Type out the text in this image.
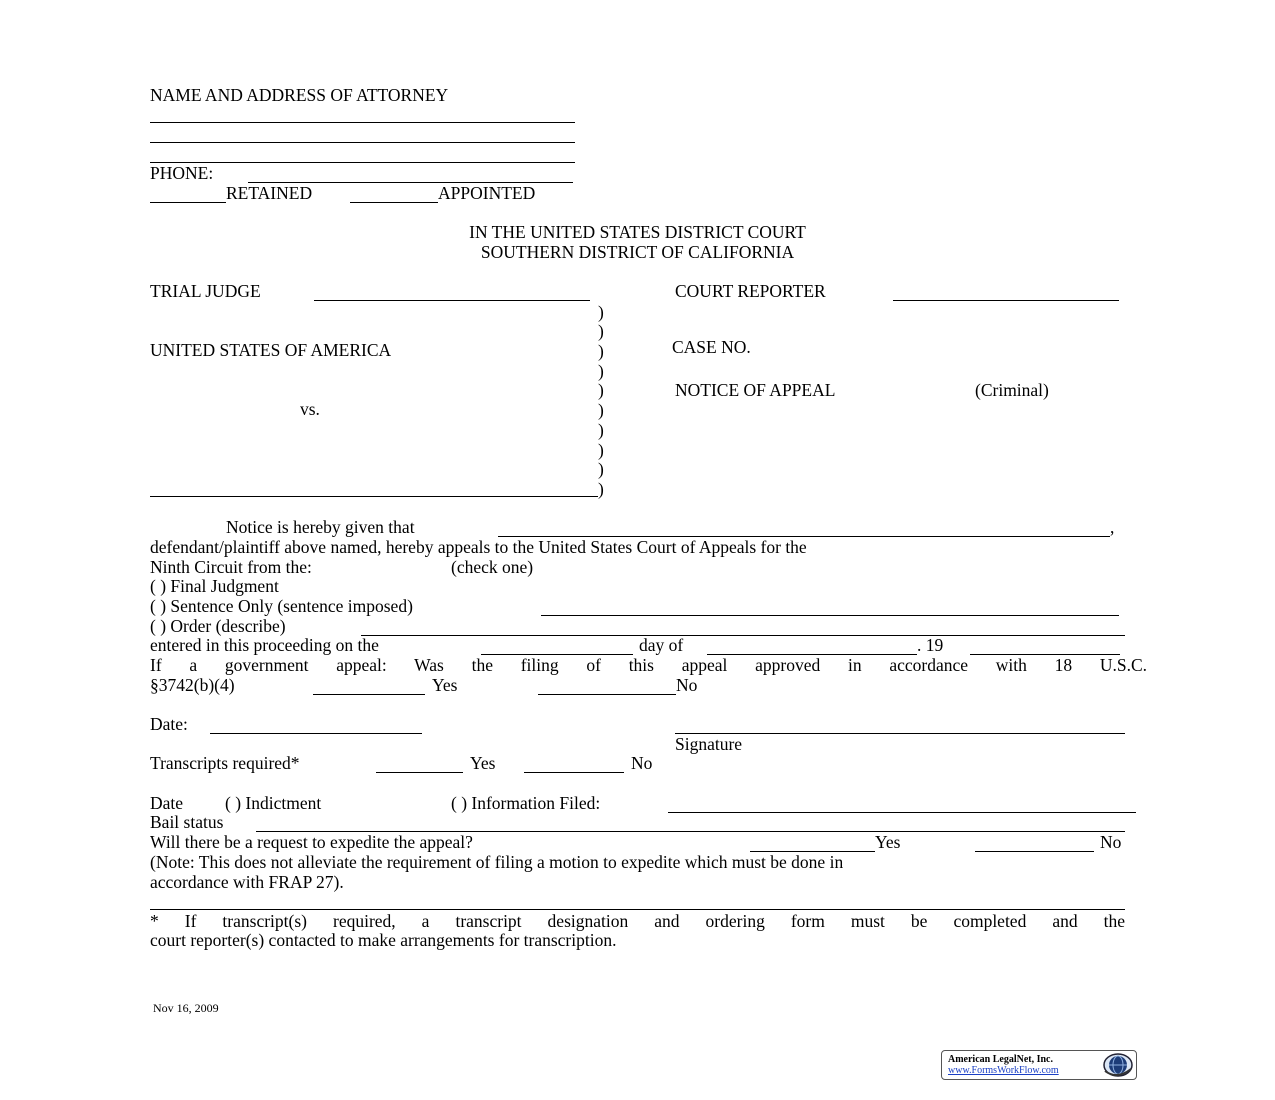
NAME AND ADDRESS OF ATTORNEY
PHONE:
RETAINED	APPOINTED
IN THE UNITED STATES DISTRICT COURT
SOUTHERN DISTRICT OF CALIFORNIA
TRIAL JUDGE	COURT REPORTER
)
)
)
)
)
)
)
)
)
)
UNITED STATES OF AMERICA	CASE NO.
NOTICE OF APPEAL	(Criminal)
vs.
Notice is hereby given that	,
defendant/plaintiff above named, hereby appeals to the United States Court of Appeals for the
Ninth Circuit from the:	(check one)
( ) Final Judgment
( ) Sentence Only (sentence imposed)
( ) Order (describe)
entered in this proceeding on the	day of	. 19
If a government appeal: Was the filing of this appeal approved in accordance with 18 U.S.C.
§3742(b)(4)	Yes	No
Date:
Signature
Transcripts required*	Yes	No
Date ( ) Indictment	( ) Information Filed:
Bail status
Will there be a request to expedite the appeal?	Yes	No
(Note: This does not alleviate the requirement of filing a motion to expedite which must be done in
accordance with FRAP 27).
* If transcript(s) required, a transcript designation and ordering form must be completed and the
court reporter(s) contacted to make arrangements for transcription.
Nov 16, 2009
American LegalNet, Inc.
www.FormsWorkFlow.com
